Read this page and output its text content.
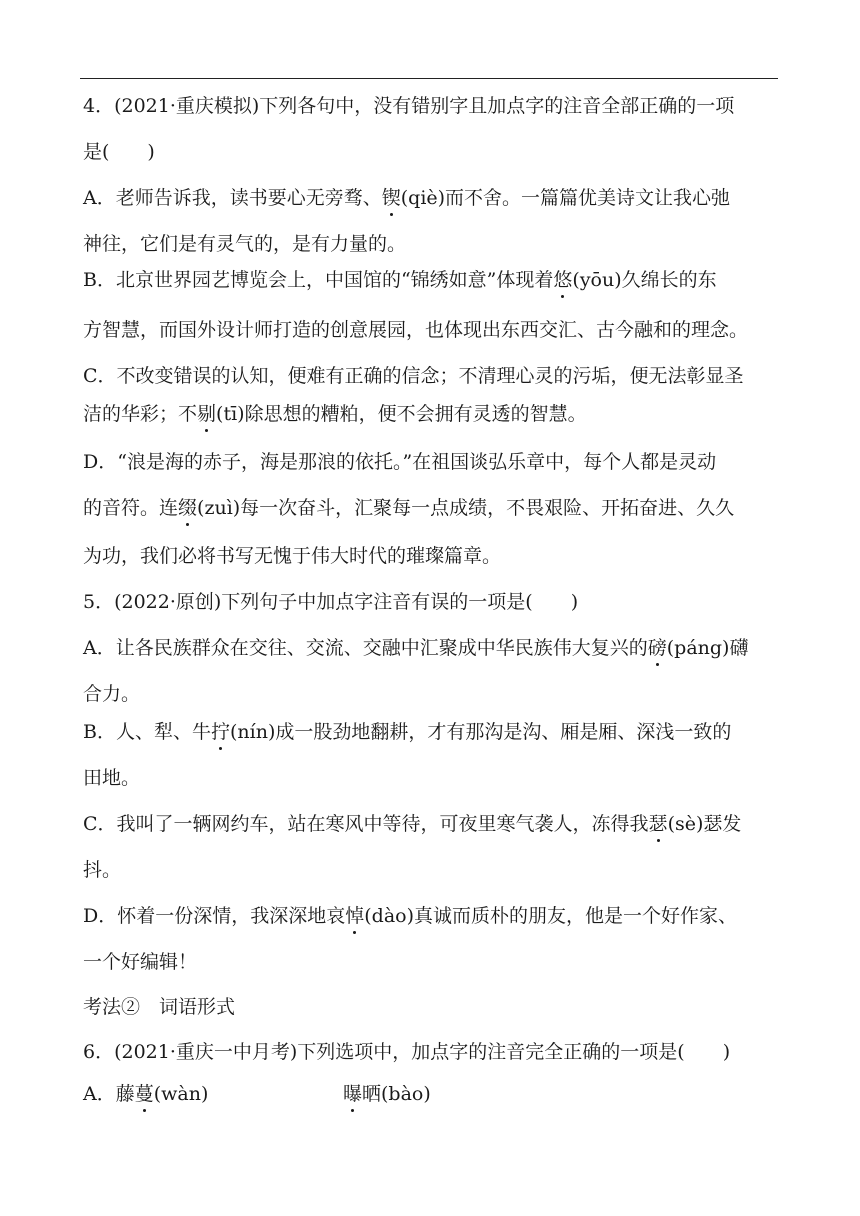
4．(2021·重庆模拟)下列各句中，没有错别字且加点字的注音全部正确的一项
是(　　)
A．老师告诉我，读书要心无旁骛、锲(qiè)而不舍。一篇篇优美诗文让我心弛
神往，它们是有灵气的，是有力量的。
B．北京世界园艺博览会上，中国馆的“锦绣如意”体现着悠(yōu)久绵长的东
方智慧，而国外设计师打造的创意展园，也体现出东西交汇、古今融和的理念。
C．不改变错误的认知，便难有正确的信念；不清理心灵的污垢，便无法彰显圣
洁的华彩；不剔(tī)除思想的糟粕，便不会拥有灵透的智慧。
D．“浪是海的赤子，海是那浪的依托。”在祖国谈弘乐章中，每个人都是灵动
的音符。连缀(zuì)每一次奋斗，汇聚每一点成绩，不畏艰险、开拓奋进、久久
为功，我们必将书写无愧于伟大时代的璀璨篇章。
5．(2022·原创)下列句子中加点字注音有误的一项是(　　)
A．让各民族群众在交往、交流、交融中汇聚成中华民族伟大复兴的磅(páng)礴
合力。
B．人、犁、牛拧(nín)成一股劲地翻耕，才有那沟是沟、厢是厢、深浅一致的
田地。
C．我叫了一辆网约车，站在寒风中等待，可夜里寒气袭人，冻得我瑟(sè)瑟发
抖。
D．怀着一份深情，我深深地哀悼(dào)真诚而质朴的朋友，他是一个好作家、
一个好编辑！
考法②　词语形式
6．(2021·重庆一中月考)下列选项中，加点字的注音完全正确的一项是(　　)
A．藤蔓(wàn)	曝晒(bào)
